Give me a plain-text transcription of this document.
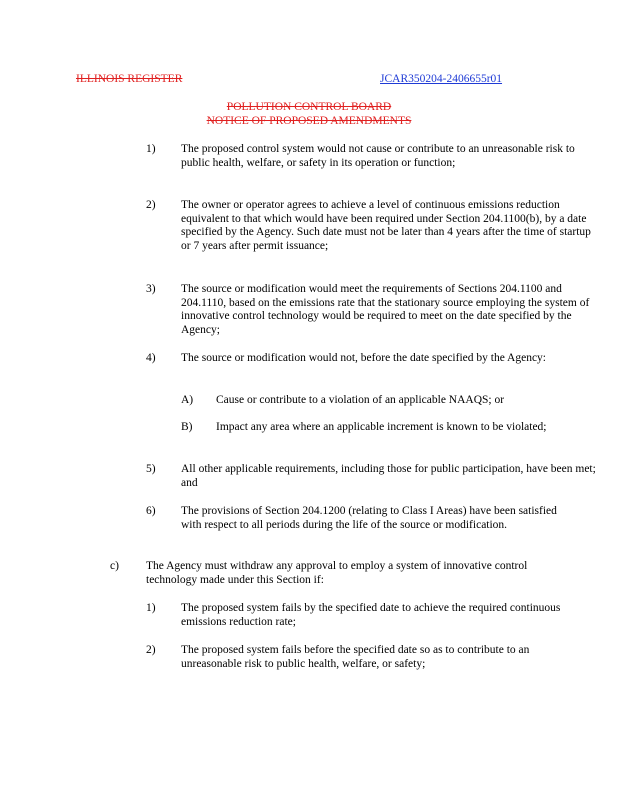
ILLINOIS REGISTER	JCAR350204-2406655r01
POLLUTION CONTROL BOARD
NOTICE OF PROPOSED AMENDMENTS
1) The proposed control system would not cause or contribute to an unreasonable risk to public health, welfare, or safety in its operation or function;
2) The owner or operator agrees to achieve a level of continuous emissions reduction equivalent to that which would have been required under Section 204.1100(b), by a date specified by the Agency. Such date must not be later than 4 years after the time of startup or 7 years after permit issuance;
3) The source or modification would meet the requirements of Sections 204.1100 and 204.1110, based on the emissions rate that the stationary source employing the system of innovative control technology would be required to meet on the date specified by the Agency;
4) The source or modification would not, before the date specified by the Agency:
A) Cause or contribute to a violation of an applicable NAAQS; or
B) Impact any area where an applicable increment is known to be violated;
5) All other applicable requirements, including those for public participation, have been met; and
6) The provisions of Section 204.1200 (relating to Class I Areas) have been satisfied with respect to all periods during the life of the source or modification.
c) The Agency must withdraw any approval to employ a system of innovative control technology made under this Section if:
1) The proposed system fails by the specified date to achieve the required continuous emissions reduction rate;
2) The proposed system fails before the specified date so as to contribute to an unreasonable risk to public health, welfare, or safety;
